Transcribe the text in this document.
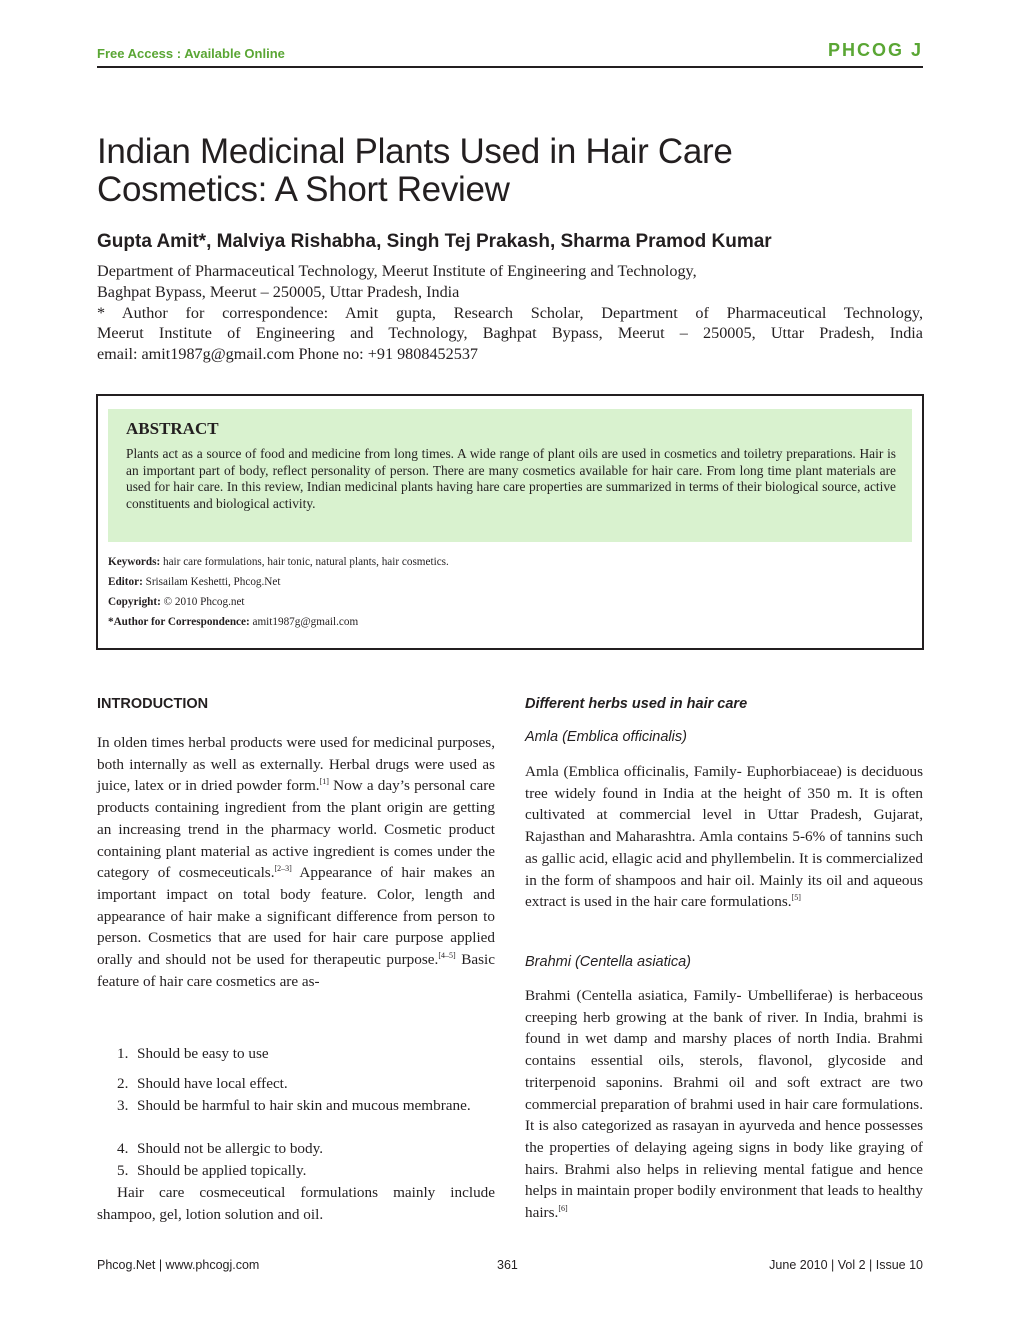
Free Access : Available Online	PHCOG J
Indian Medicinal Plants Used in Hair Care
Cosmetics: A Short Review
Gupta Amit*, Malviya Rishabha, Singh Tej Prakash, Sharma Pramod Kumar
Department of Pharmaceutical Technology, Meerut Institute of Engineering and Technology,
Baghpat Bypass, Meerut – 250005, Uttar Pradesh, India
* Author for correspondence: Amit gupta, Research Scholar, Department of Pharmaceutical Technology,
Meerut Institute of Engineering and Technology, Baghpat Bypass, Meerut – 250005, Uttar Pradesh, India
email: amit1987g@gmail.com Phone no: +91 9808452537
ABSTRACT
Plants act as a source of food and medicine from long times. A wide range of plant oils are used in cosmetics and toiletry preparations. Hair is an important part of body, reflect personality of person. There are many cosmetics available for hair care. From long time plant materials are used for hair care. In this review, Indian medicinal plants having hare care properties are summarized in terms of their biological source, active constituents and biological activity.
Keywords: hair care formulations, hair tonic, natural plants, hair cosmetics.
Editor: Srisailam Keshetti, Phcog.Net
Copyright: © 2010 Phcog.net
*Author for Correspondence: amit1987g@gmail.com
INTRODUCTION
In olden times herbal products were used for medicinal purposes, both internally as well as externally. Herbal drugs were used as juice, latex or in dried powder form.[1] Now a day’s personal care products containing ingredient from the plant origin are getting an increasing trend in the pharmacy world. Cosmetic product containing plant material as active ingredient is comes under the category of cosmeceuticals.[2–3] Appearance of hair makes an important impact on total body feature. Color, length and appearance of hair make a significant difference from person to person. Cosmetics that are used for hair care purpose applied orally and should not be used for therapeutic purpose.[4–5] Basic feature of hair care cosmetics are as-
1. Should be easy to use
2. Should have local effect.
3. Should be harmful to hair skin and mucous membrane.
4. Should not be allergic to body.
5. Should be applied topically.
Hair care cosmeceutical formulations mainly include shampoo, gel, lotion solution and oil.
Different herbs used in hair care
Amla (Emblica officinalis)
Amla (Emblica officinalis, Family- Euphorbiaceae) is deciduous tree widely found in India at the height of 350 m. It is often cultivated at commercial level in Uttar Pradesh, Gujarat, Rajasthan and Maharashtra. Amla contains 5-6% of tannins such as gallic acid, ellagic acid and phyllembelin. It is commercialized in the form of shampoos and hair oil. Mainly its oil and aqueous extract is used in the hair care formulations.[5]
Brahmi (Centella asiatica)
Brahmi (Centella asiatica, Family- Umbelliferae) is herbaceous creeping herb growing at the bank of river. In India, brahmi is found in wet damp and marshy places of north India. Brahmi contains essential oils, sterols, flavonol, glycoside and triterpenoid saponins. Brahmi oil and soft extract are two commercial preparation of brahmi used in hair care formulations. It is also categorized as rasayan in ayurveda and hence possesses the properties of delaying ageing signs in body like graying of hairs. Brahmi also helps in relieving mental fatigue and hence helps in maintain proper bodily environment that leads to healthy hairs.[6]
Phcog.Net | www.phcogj.com	361	June 2010 | Vol 2 | Issue 10
